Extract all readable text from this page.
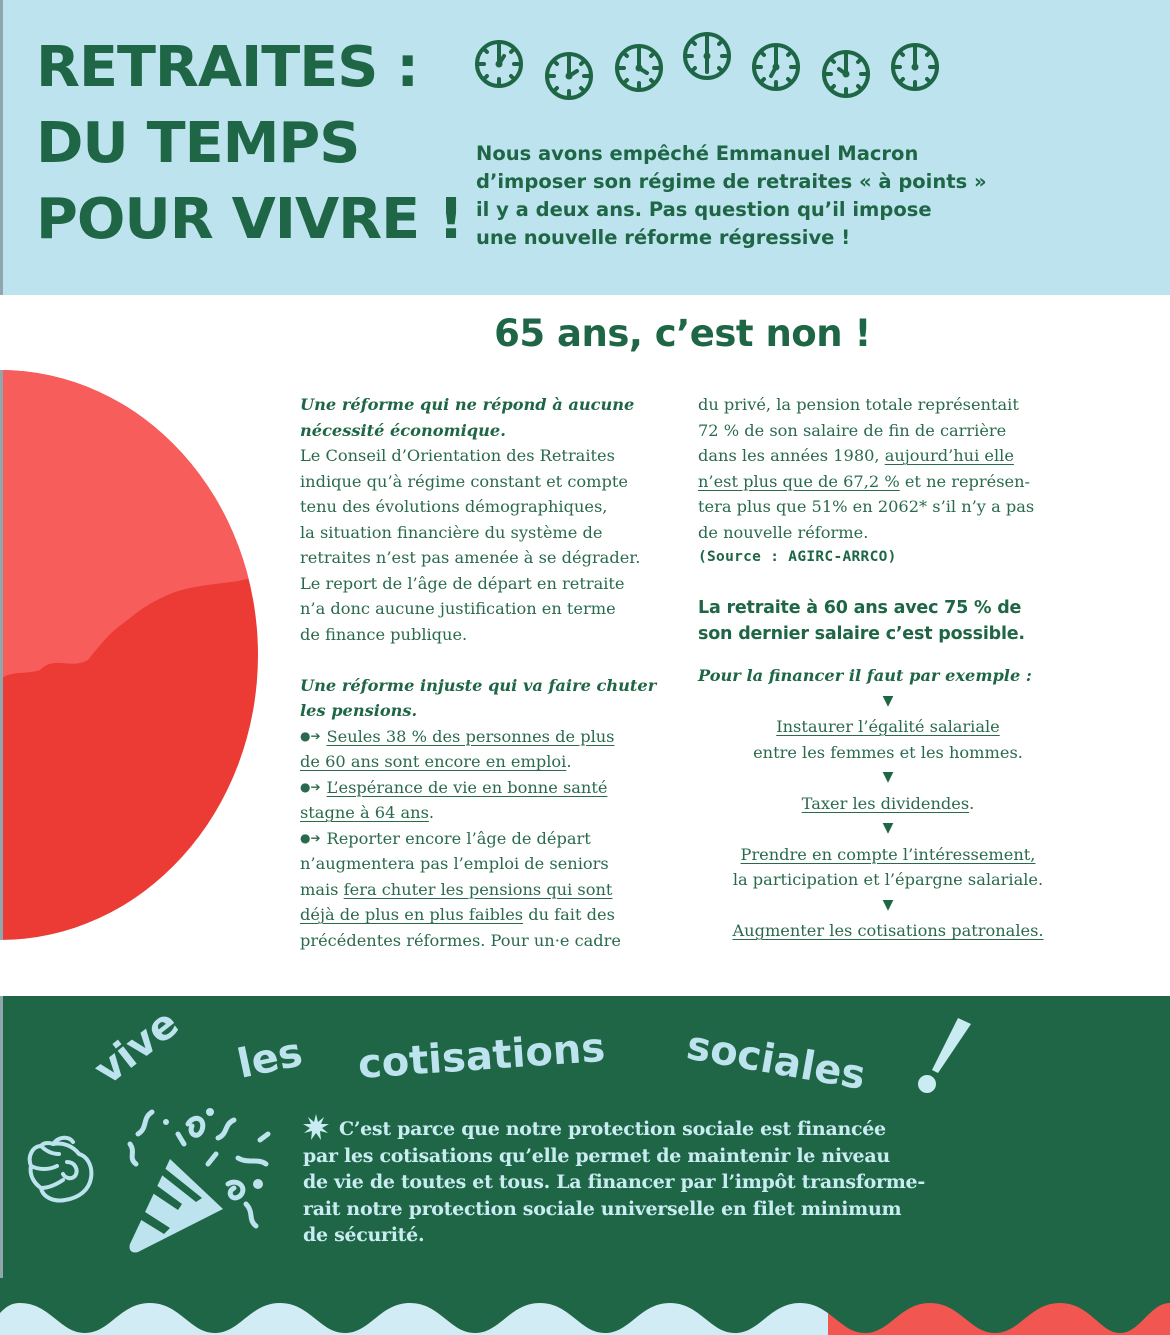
RETRAITES :
DU TEMPS
POUR VIVRE !
Nous avons empêché Emmanuel Macron
d’imposer son régime de retraites « à points »
il y a deux ans. Pas question qu’il impose
une nouvelle réforme régressive !
65 ans, c’est non !
Une réforme qui ne répond à aucune
nécessité économique.
Le Conseil d’Orientation des Retraites
indique qu’à régime constant et compte
tenu des évolutions démographiques,
la situation financière du système de
retraites n’est pas amenée à se dégrader.
Le report de l’âge de départ en retraite
n’a donc aucune justification en terme
de finance publique.
Une réforme injuste qui va faire chuter
les pensions.
●➔ Seules 38 % des personnes de plus
de 60 ans sont encore en emploi.
●➔ L’espérance de vie en bonne santé
stagne à 64 ans.
●➔ Reporter encore l’âge de départ
n’augmentera pas l’emploi de seniors
mais fera chuter les pensions qui sont
déjà de plus en plus faibles du fait des
précédentes réformes. Pour un·e cadre
du privé, la pension totale représentait
72 % de son salaire de fin de carrière
dans les années 1980, aujourd’hui elle
n’est plus que de 67,2 % et ne représen-
tera plus que 51% en 2062* s’il n’y a pas
de nouvelle réforme.
(Source : AGIRC-ARRCO)
La retraite à 60 ans avec 75 % de
son dernier salaire c’est possible.
Pour la financer il faut par exemple :
▼
Instaurer l’égalité salariale
entre les femmes et les hommes.
▼
Taxer les dividendes.
▼
Prendre en compte l’intéressement,
la participation et l’épargne salariale.
▼
Augmenter les cotisations patronales.
vive les cotisations sociales
C’est parce que notre protection sociale est financée
par les cotisations qu’elle permet de maintenir le niveau
de vie de toutes et tous. La financer par l’impôt transforme-
rait notre protection sociale universelle en filet minimum
de sécurité.
